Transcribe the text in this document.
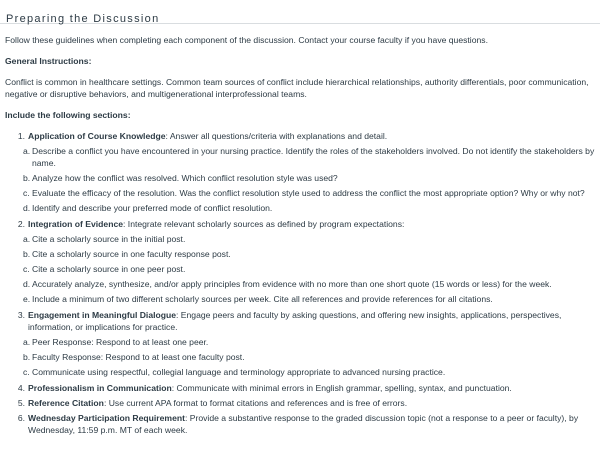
Preparing the Discussion

Follow these guidelines when completing each component of the discussion. Contact your course faculty if you have questions.

General Instructions:

Conflict is common in healthcare settings. Common team sources of conflict include hierarchical relationships, authority differentials, poor communication, negative or disruptive behaviors, and multigenerational interprofessional teams.

Include the following sections:

1. Application of Course Knowledge: Answer all questions/criteria with explanations and detail.
a. Describe a conflict you have encountered in your nursing practice. Identify the roles of the stakeholders involved. Do not identify the stakeholders by name.
b. Analyze how the conflict was resolved. Which conflict resolution style was used?
c. Evaluate the efficacy of the resolution. Was the conflict resolution style used to address the conflict the most appropriate option? Why or why not?
d. Identify and describe your preferred mode of conflict resolution.
2. Integration of Evidence: Integrate relevant scholarly sources as defined by program expectations:
a. Cite a scholarly source in the initial post.
b. Cite a scholarly source in one faculty response post.
c. Cite a scholarly source in one peer post.
d. Accurately analyze, synthesize, and/or apply principles from evidence with no more than one short quote (15 words or less) for the week.
e. Include a minimum of two different scholarly sources per week. Cite all references and provide references for all citations.
3. Engagement in Meaningful Dialogue: Engage peers and faculty by asking questions, and offering new insights, applications, perspectives, information, or implications for practice.
a. Peer Response: Respond to at least one peer.
b. Faculty Response: Respond to at least one faculty post.
c. Communicate using respectful, collegial language and terminology appropriate to advanced nursing practice.
4. Professionalism in Communication: Communicate with minimal errors in English grammar, spelling, syntax, and punctuation.
5. Reference Citation: Use current APA format to format citations and references and is free of errors.
6. Wednesday Participation Requirement: Provide a substantive response to the graded discussion topic (not a response to a peer or faculty), by Wednesday, 11:59 p.m. MT of each week.
